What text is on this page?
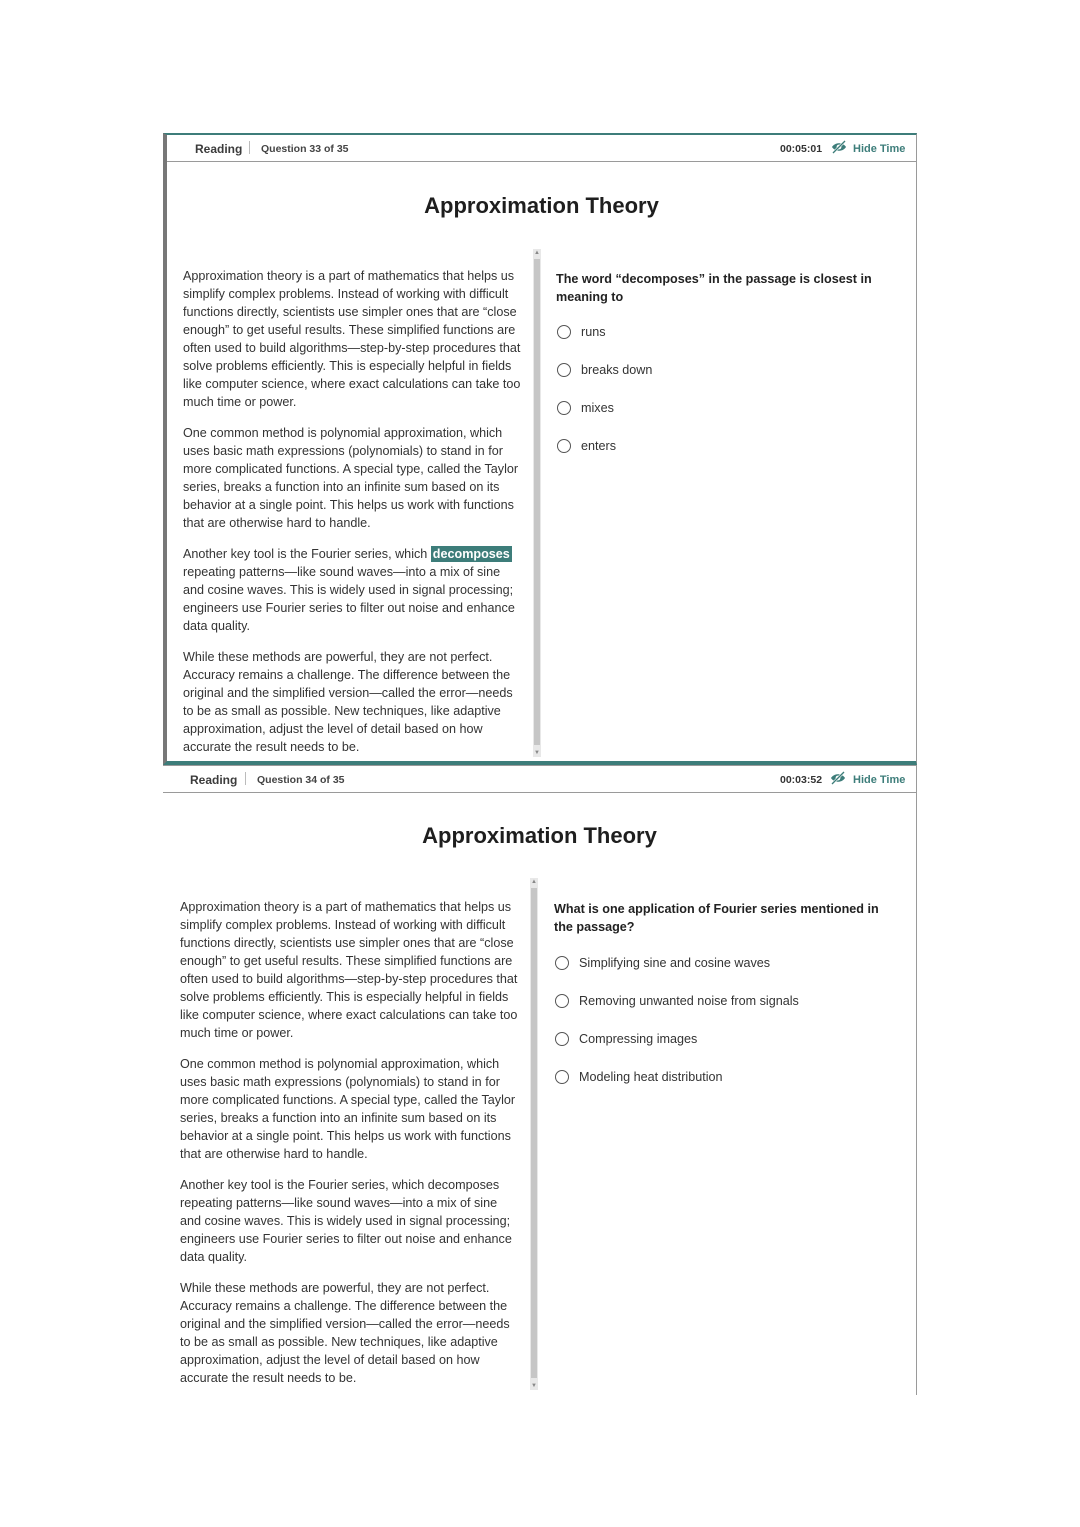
Reading Question 33 of 35	00:05:01	Hide Time
Approximation Theory

Approximation theory is a part of mathematics that helps us simplify complex problems. Instead of working with difficult functions directly, scientists use simpler ones that are “close enough” to get useful results. These simplified functions are often used to build algorithms—step-by-step procedures that solve problems efficiently. This is especially helpful in fields like computer science, where exact calculations can take too much time or power.

One common method is polynomial approximation, which uses basic math expressions (polynomials) to stand in for more complicated functions. A special type, called the Taylor series, breaks a function into an infinite sum based on its behavior at a single point. This helps us work with functions that are otherwise hard to handle.

Another key tool is the Fourier series, which decomposes repeating patterns—like sound waves—into a mix of sine and cosine waves. This is widely used in signal processing; engineers use Fourier series to filter out noise and enhance data quality.

While these methods are powerful, they are not perfect. Accuracy remains a challenge. The difference between the original and the simplified version—called the error—needs to be as small as possible. New techniques, like adaptive approximation, adjust the level of detail based on how accurate the result needs to be.

▲
▼
The word “decomposes” in the passage is closest in meaning to
runs
breaks down
mixes
enters
Reading Question 34 of 35	00:03:52	Hide Time
Approximation Theory

Approximation theory is a part of mathematics that helps us simplify complex problems. Instead of working with difficult functions directly, scientists use simpler ones that are “close enough” to get useful results. These simplified functions are often used to build algorithms—step-by-step procedures that solve problems efficiently. This is especially helpful in fields like computer science, where exact calculations can take too much time or power.

One common method is polynomial approximation, which uses basic math expressions (polynomials) to stand in for more complicated functions. A special type, called the Taylor series, breaks a function into an infinite sum based on its behavior at a single point. This helps us work with functions that are otherwise hard to handle.

Another key tool is the Fourier series, which decomposes repeating patterns—like sound waves—into a mix of sine and cosine waves. This is widely used in signal processing; engineers use Fourier series to filter out noise and enhance data quality.

While these methods are powerful, they are not perfect. Accuracy remains a challenge. The difference between the original and the simplified version—called the error—needs to be as small as possible. New techniques, like adaptive approximation, adjust the level of detail based on how accurate the result needs to be.

▲
▼
What is one application of Fourier series mentioned in the passage?
Simplifying sine and cosine waves
Removing unwanted noise from signals
Compressing images
Modeling heat distribution
